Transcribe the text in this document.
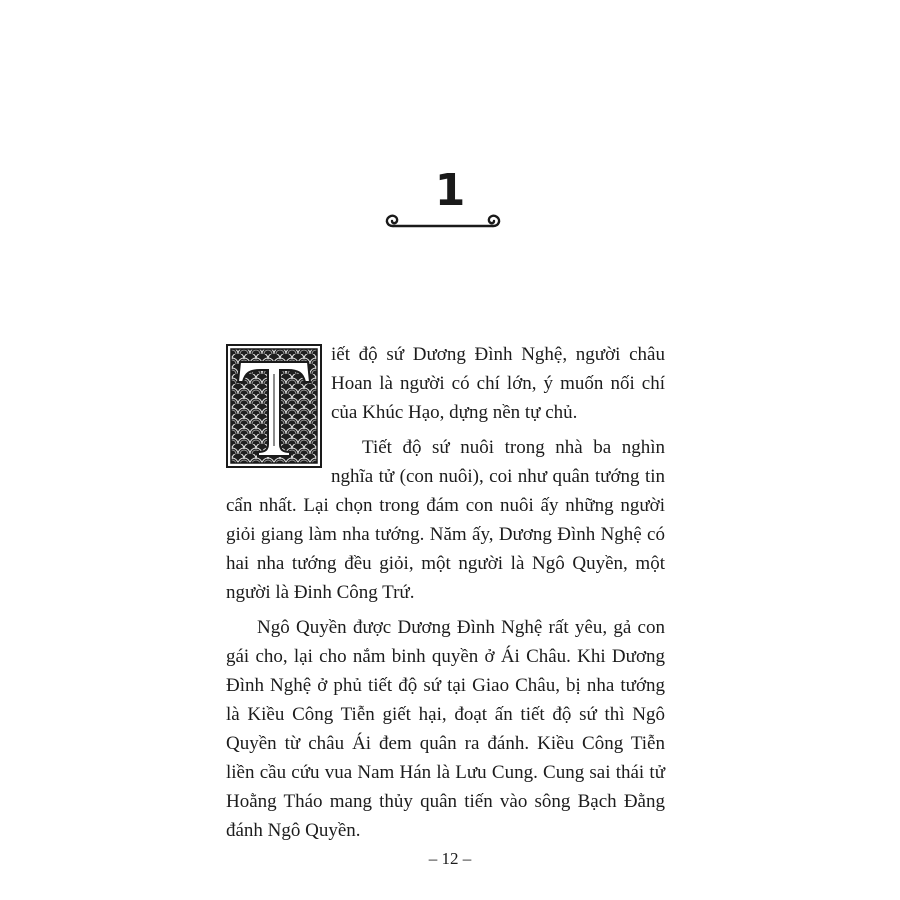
1

iết độ sứ Dương Đình Nghệ, người châu Hoan là người có chí lớn, ý muốn nối chí của Khúc Hạo, dựng nền tự chủ.

Tiết độ sứ nuôi trong nhà ba nghìn nghĩa tử (con nuôi), coi như quân tướng tin cẩn nhất. Lại chọn trong đám con nuôi ấy những người giỏi giang làm nha tướng. Năm ấy, Dương Đình Nghệ có hai nha tướng đều giỏi, một người là Ngô Quyền, một người là Đinh Công Trứ.

Ngô Quyền được Dương Đình Nghệ rất yêu, gả con gái cho, lại cho nắm binh quyền ở Ái Châu. Khi Dương Đình Nghệ ở phủ tiết độ sứ tại Giao Châu, bị nha tướng là Kiều Công Tiễn giết hại, đoạt ấn tiết độ sứ thì Ngô Quyền từ châu Ái đem quân ra đánh. Kiều Công Tiễn liền cầu cứu vua Nam Hán là Lưu Cung. Cung sai thái tử Hoằng Tháo mang thủy quân tiến vào sông Bạch Đằng đánh Ngô Quyền.

– 12 –
